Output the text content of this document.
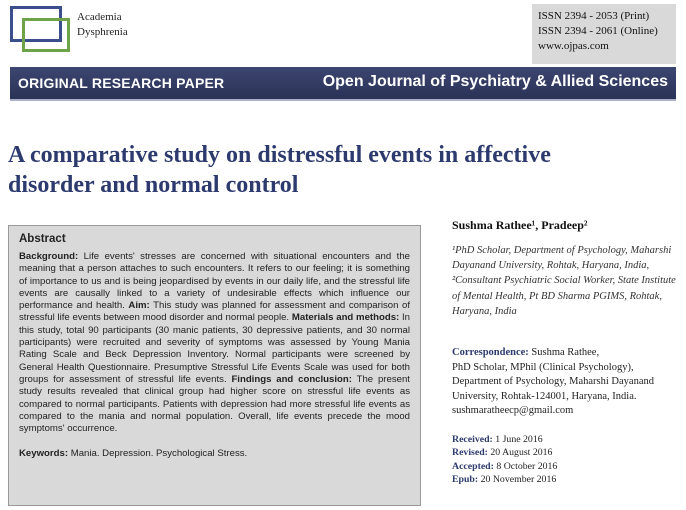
Academia
Dysphrenia
ISSN 2394 - 2053 (Print)
ISSN 2394 - 2061 (Online)
www.ojpas.com
ORIGINAL RESEARCH PAPER	Open Journal of Psychiatry & Allied Sciences
A comparative study on distressful events in affective
disorder and normal control
Abstract

Background: Life events' stresses are concerned with situational encounters and the meaning that a person attaches to such encounters. It refers to our feeling; it is something of importance to us and is being jeopardised by events in our daily life, and the stressful life events are causally linked to a variety of undesirable effects which influence our performance and health. Aim: This study was planned for assessment and comparison of stressful life events between mood disorder and normal people. Materials and methods: In this study, total 90 participants (30 manic patients, 30 depressive patients, and 30 normal participants) were recruited and severity of symptoms was assessed by Young Mania Rating Scale and Beck Depression Inventory. Normal participants were screened by General Health Questionnaire. Presumptive Stressful Life Events Scale was used for both groups for assessment of stressful life events. Findings and conclusion: The present study results revealed that clinical group had higher score on stressful life events as compared to normal participants. Patients with depression had more stressful life events as compared to the mania and normal population. Overall, life events precede the mood symptoms' occurrence.

Keywords: Mania. Depression. Psychological Stress.

Sushma Rathee¹, Pradeep²
¹PhD Scholar, Department of Psychology, Maharshi Dayanand University, Rohtak, Haryana, India, ²Consultant Psychiatric Social Worker, State Institute of Mental Health, Pt BD Sharma PGIMS, Rohtak, Haryana, India
Correspondence: Sushma Rathee,
PhD Scholar, MPhil (Clinical Psychology),
Department of Psychology, Maharshi Dayanand
University, Rohtak-124001, Haryana, India.
sushmaratheecp@gmail.com
Received: 1 June 2016
Revised: 20 August 2016
Accepted: 8 October 2016
Epub: 20 November 2016
